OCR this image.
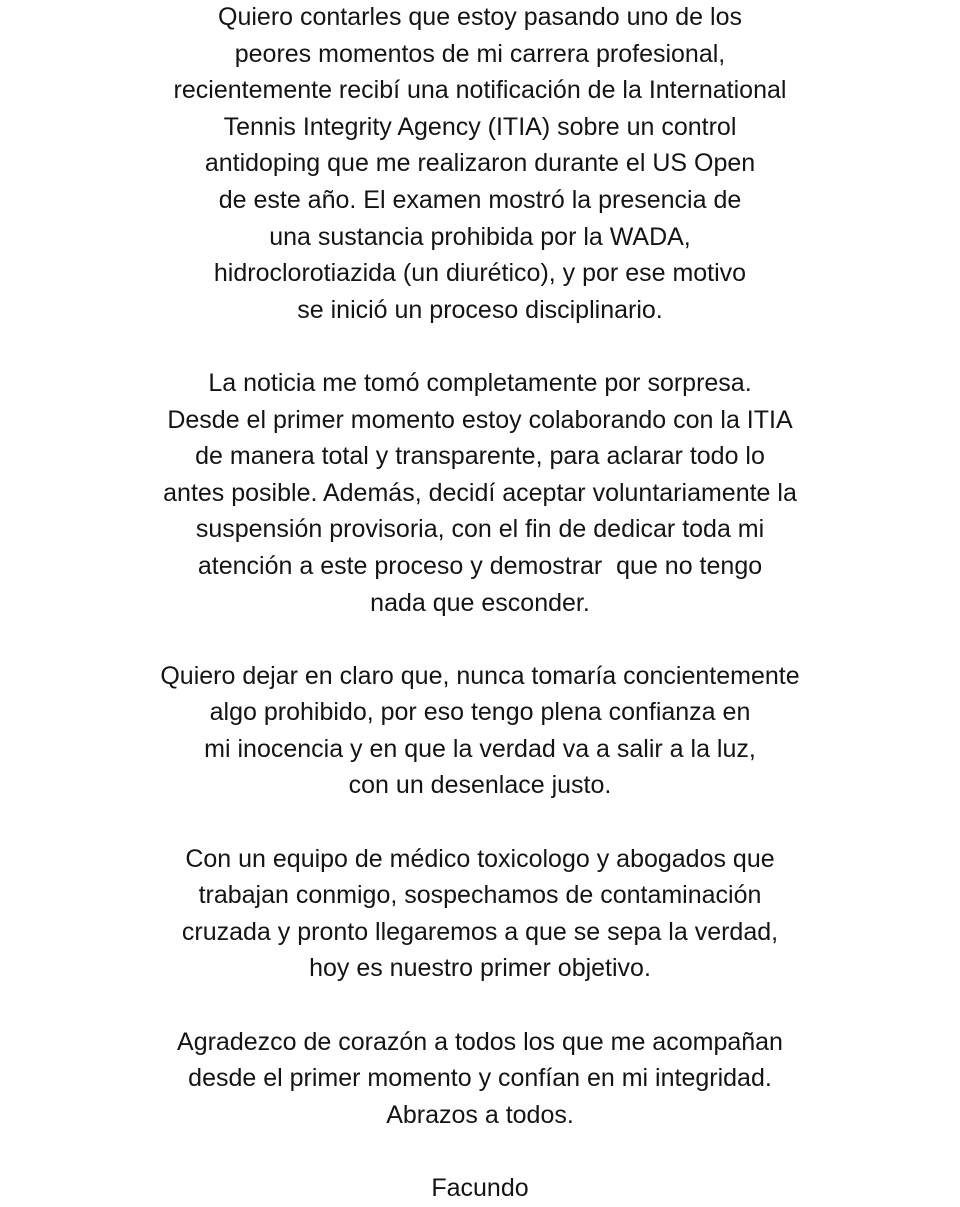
Quiero contarles que estoy pasando uno de los
peores momentos de mi carrera profesional,
recientemente recibí una notificación de la International
Tennis Integrity Agency (ITIA) sobre un control
antidoping que me realizaron durante el US Open
de este año. El examen mostró la presencia de
una sustancia prohibida por la WADA,
hidroclorotiazida (un diurético), y por ese motivo
se inició un proceso disciplinario.
La noticia me tomó completamente por sorpresa.
Desde el primer momento estoy colaborando con la ITIA
de manera total y transparente, para aclarar todo lo
antes posible. Además, decidí aceptar voluntariamente la
suspensión provisoria, con el fin de dedicar toda mi
atención a este proceso y demostrar  que no tengo
nada que esconder.
Quiero dejar en claro que, nunca tomaría concientemente
algo prohibido, por eso tengo plena confianza en
mi inocencia y en que la verdad va a salir a la luz,
con un desenlace justo.
Con un equipo de médico toxicologo y abogados que
trabajan conmigo, sospechamos de contaminación
cruzada y pronto llegaremos a que se sepa la verdad,
hoy es nuestro primer objetivo.
Agradezco de corazón a todos los que me acompañan
desde el primer momento y confían en mi integridad.
Abrazos a todos.
Facundo
